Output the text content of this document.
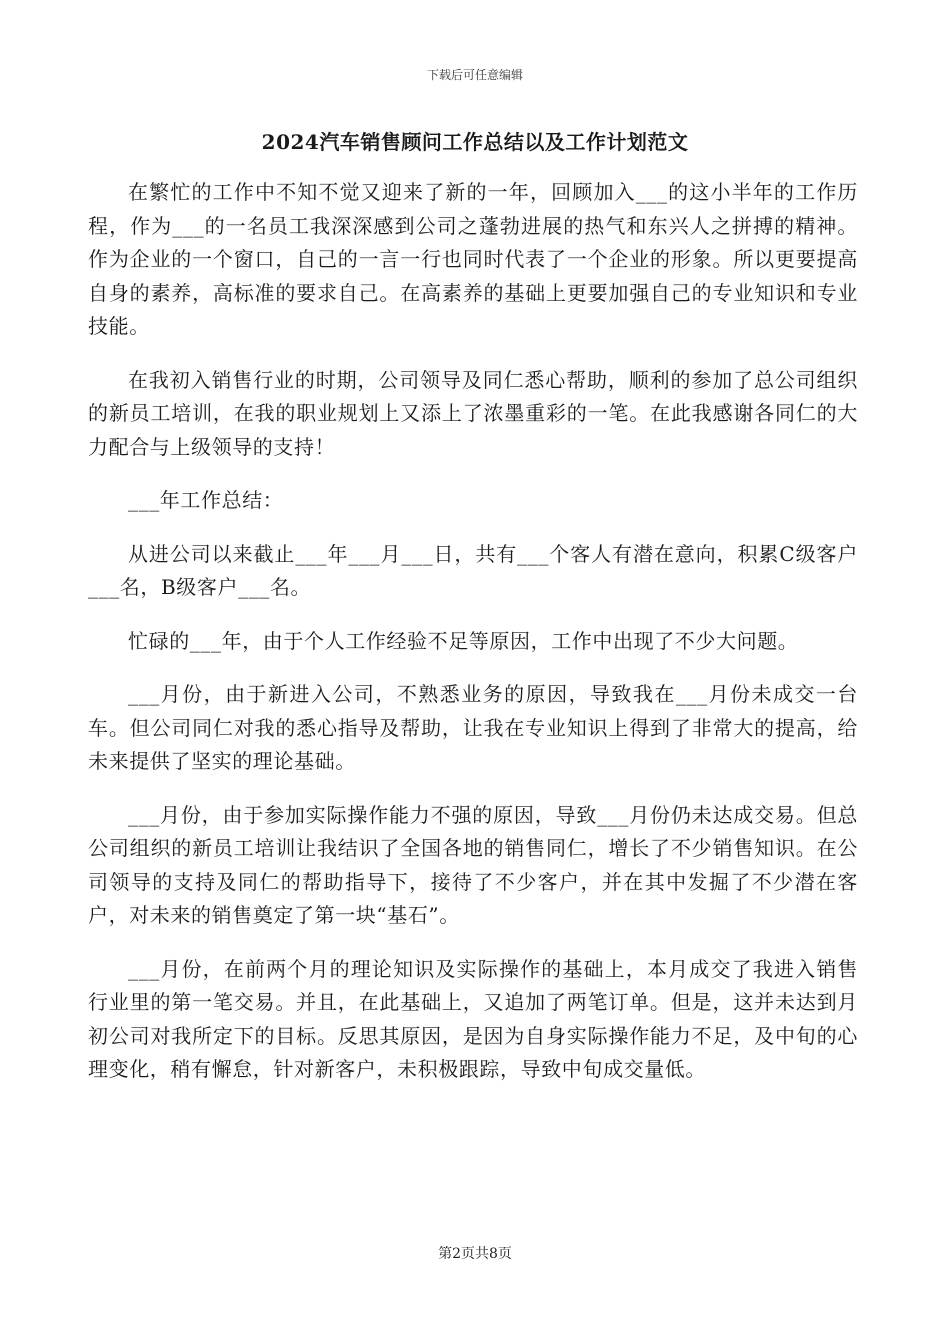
下载后可任意编辑
2024汽车销售顾问工作总结以及工作计划范文

在繁忙的工作中不知不觉又迎来了新的一年，回顾加入___的这小半年的工作历程，作为___的一名员工我深深感到公司之蓬勃进展的热气和东兴人之拼搏的精神。作为企业的一个窗口，自己的一言一行也同时代表了一个企业的形象。所以更要提高自身的素养，高标准的要求自己。在高素养的基础上更要加强自己的专业知识和专业技能。

在我初入销售行业的时期，公司领导及同仁悉心帮助，顺利的参加了总公司组织的新员工培训，在我的职业规划上又添上了浓墨重彩的一笔。在此我感谢各同仁的大力配合与上级领导的支持！

___年工作总结：

从进公司以来截止___年___月___日，共有___个客人有潜在意向，积累C级客户___名，B级客户___名。

忙碌的___年，由于个人工作经验不足等原因，工作中出现了不少大问题。

___月份，由于新进入公司，不熟悉业务的原因，导致我在___月份未成交一台车。但公司同仁对我的悉心指导及帮助，让我在专业知识上得到了非常大的提高，给未来提供了坚实的理论基础。

___月份，由于参加实际操作能力不强的原因，导致___月份仍未达成交易。但总公司组织的新员工培训让我结识了全国各地的销售同仁，增长了不少销售知识。在公司领导的支持及同仁的帮助指导下，接待了不少客户，并在其中发掘了不少潜在客户，对未来的销售奠定了第一块“基石”。

___月份，在前两个月的理论知识及实际操作的基础上，本月成交了我进入销售行业里的第一笔交易。并且，在此基础上，又追加了两笔订单。但是，这并未达到月初公司对我所定下的目标。反思其原因，是因为自身实际操作能力不足，及中旬的心理变化，稍有懈怠，针对新客户，未积极跟踪，导致中旬成交量低。

第2页共8页
